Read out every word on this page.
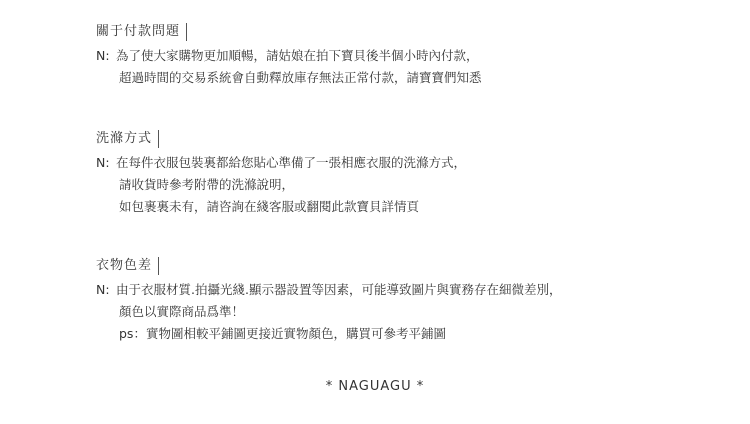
關于付款問題
N: 為了使大家購物更加順暢，請姑娘在拍下寶貝後半個小時內付款，
超過時間的交易系統會自動釋放庫存無法正常付款，請寶寶們知悉
洗滌方式
N: 在每件衣服包裝裏都給您貼心準備了一張相應衣服的洗滌方式，
請收貨時參考附帶的洗滌說明，
如包裹裏未有，請咨詢在綫客服或翻閱此款寶貝詳情頁
衣物色差
N: 由于衣服材質.拍攝光綫.顯示器設置等因素，可能導致圖片與實務存在細微差別，
顏色以實際商品爲準！
ps：實物圖相較平鋪圖更接近實物顏色，購買可參考平鋪圖
* NAGUAGU *
